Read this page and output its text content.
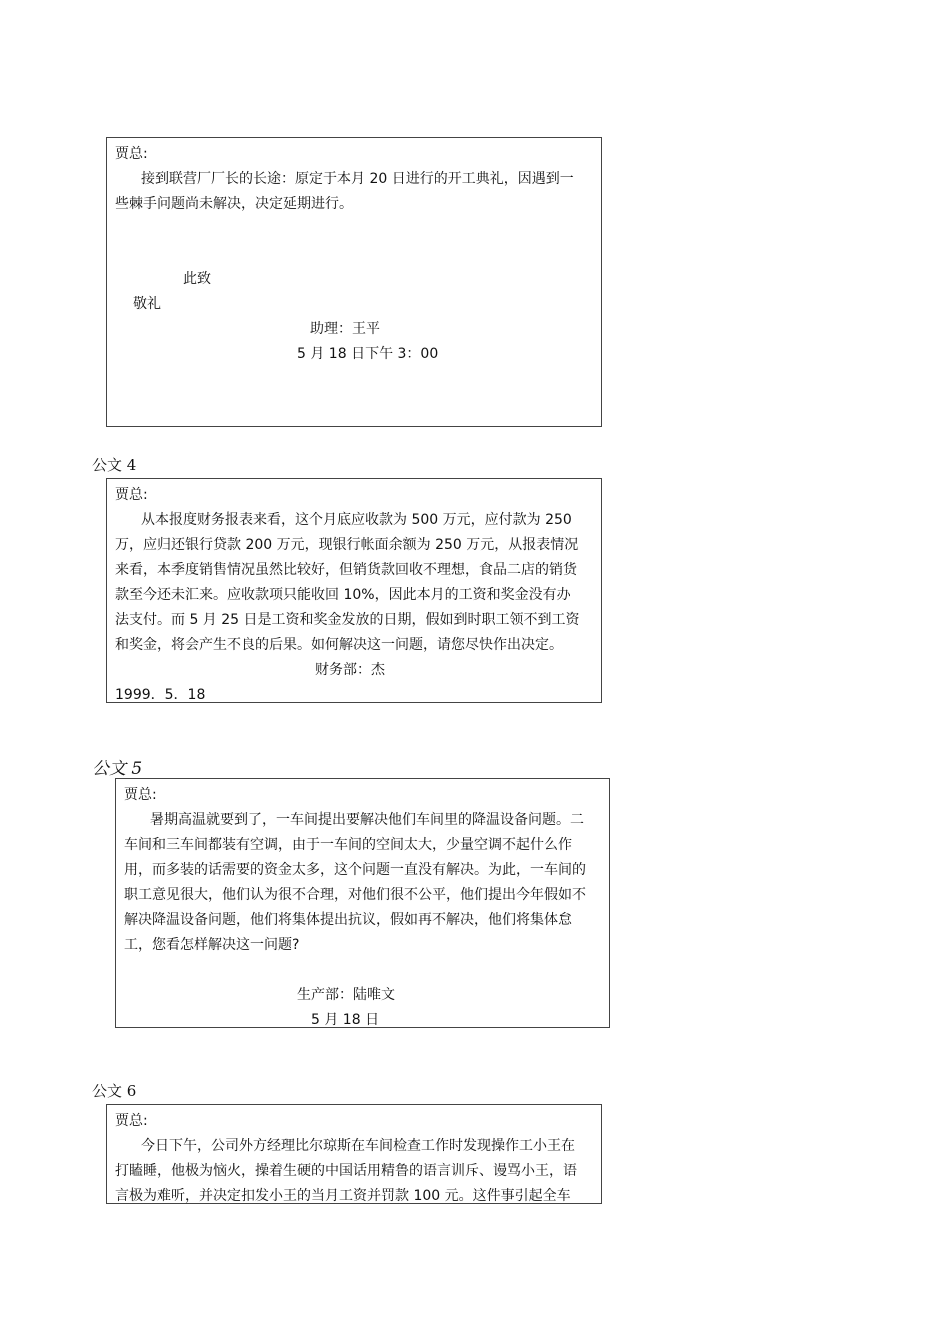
贾总:
接到联营厂厂长的长途：原定于本月 20 日进行的开工典礼，因遇到一
些棘手问题尚未解决，决定延期进行。
此致
敬礼
助理：王平
5 月 18 日下午 3：00
公文 4
贾总:
从本报度财务报表来看，这个月底应收款为 500 万元，应付款为 250
万，应归还银行贷款 200 万元，现银行帐面余额为 250 万元，从报表情况
来看，本季度销售情况虽然比较好，但销货款回收不理想，食品二店的销货
款至今还未汇来。应收款项只能收回 10%，因此本月的工资和奖金没有办
法支付。而 5 月 25 日是工资和奖金发放的日期，假如到时职工领不到工资
和奖金，将会产生不良的后果。如何解决这一问题，请您尽快作出决定。
财务部：杰
1999．5．18
公文 5
贾总:
暑期高温就要到了，一车间提出要解决他们车间里的降温设备问题。二
车间和三车间都装有空调，由于一车间的空间太大，少量空调不起什么作
用，而多装的话需要的资金太多，这个问题一直没有解决。为此，一车间的
职工意见很大，他们认为很不合理，对他们很不公平，他们提出今年假如不
解决降温设备问题，他们将集体提出抗议，假如再不解决，他们将集体怠
工，您看怎样解决这一问题?
生产部：陆唯文
5 月 18 日
公文 6
贾总:
今日下午，公司外方经理比尔琼斯在车间检查工作时发现操作工小王在
打瞌睡，他极为恼火，操着生硬的中国话用精鲁的语言训斥、谩骂小王，语
言极为难听，并决定扣发小王的当月工资并罚款 100 元。这件事引起全车
